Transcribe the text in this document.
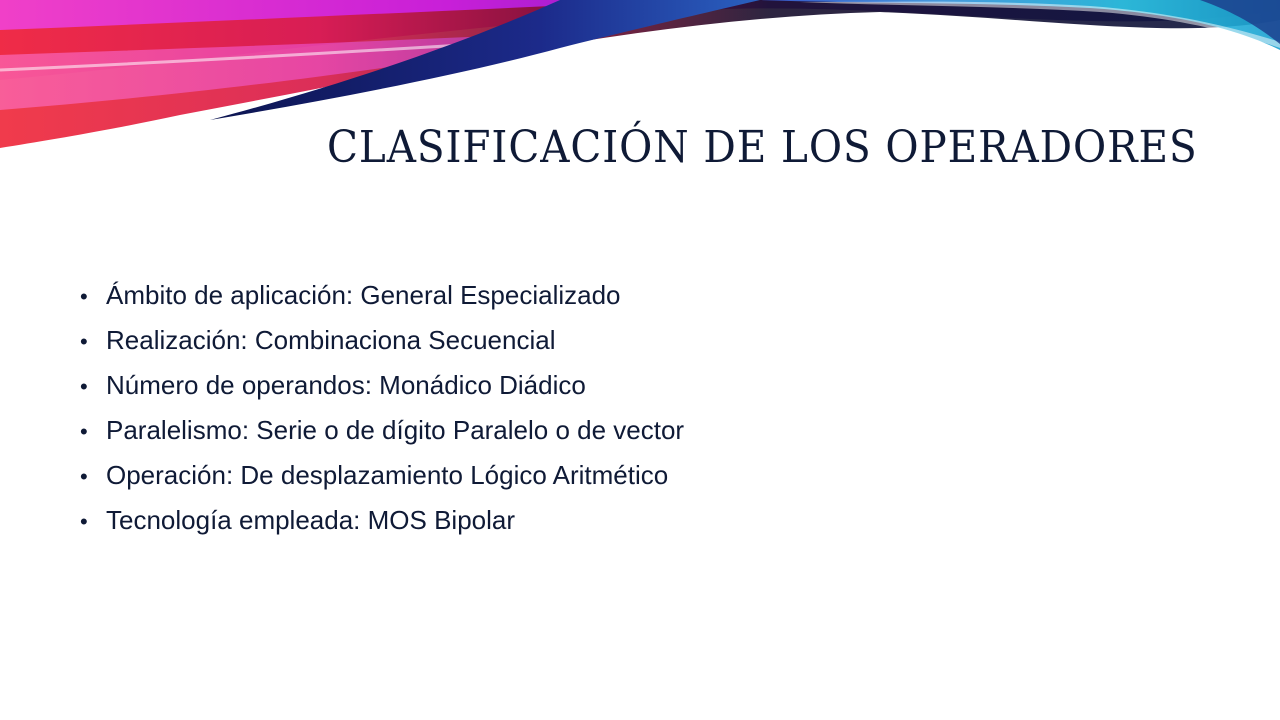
CLASIFICACIÓN DE LOS OPERADORES
• Ámbito de aplicación: General Especializado
• Realización: Combinaciona Secuencial
• Número de operandos: Monádico Diádico
• Paralelismo: Serie o de dígito Paralelo o de vector
• Operación: De desplazamiento Lógico Aritmético
• Tecnología empleada: MOS Bipolar
